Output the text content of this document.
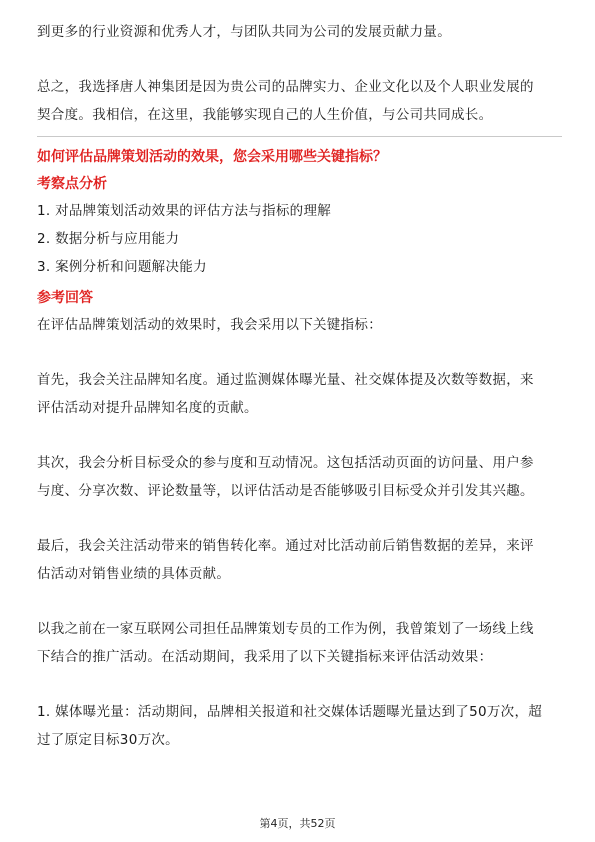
到更多的行业资源和优秀人才，与团队共同为公司的发展贡献力量。

总之，我选择唐人神集团是因为贵公司的品牌实力、企业文化以及个人职业发展的

契合度。我相信，在这里，我能够实现自己的人生价值，与公司共同成长。

如何评估品牌策划活动的效果，您会采用哪些关键指标？

考察点分析

1. 对品牌策划活动效果的评估方法与指标的理解

2. 数据分析与应用能力

3. 案例分析和问题解决能力

参考回答

在评估品牌策划活动的效果时，我会采用以下关键指标：

首先，我会关注品牌知名度。通过监测媒体曝光量、社交媒体提及次数等数据，来

评估活动对提升品牌知名度的贡献。

其次，我会分析目标受众的参与度和互动情况。这包括活动页面的访问量、用户参

与度、分享次数、评论数量等，以评估活动是否能够吸引目标受众并引发其兴趣。

最后，我会关注活动带来的销售转化率。通过对比活动前后销售数据的差异，来评

估活动对销售业绩的具体贡献。

以我之前在一家互联网公司担任品牌策划专员的工作为例，我曾策划了一场线上线

下结合的推广活动。在活动期间，我采用了以下关键指标来评估活动效果：

1. 媒体曝光量：活动期间，品牌相关报道和社交媒体话题曝光量达到了50万次，超

过了原定目标30万次。

第4页，共52页
